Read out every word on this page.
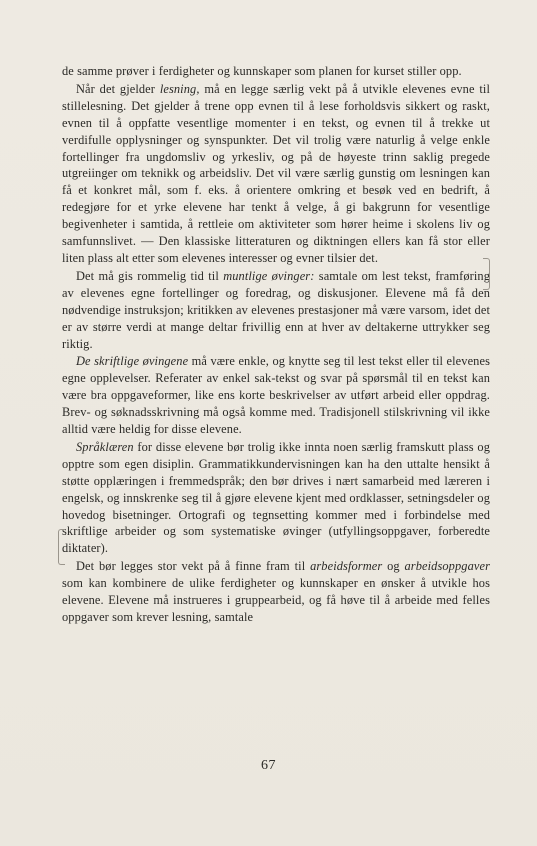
de samme prøver i ferdigheter og kunnskaper som planen for kurset stiller opp.

Når det gjelder lesning, må en legge særlig vekt på å utvikle elevenes evne til stillelesning. Det gjelder å trene opp evnen til å lese forholdsvis sikkert og raskt, evnen til å oppfatte vesentlige momenter i en tekst, og evnen til å trekke ut verdifulle opplysninger og synspunkter. Det vil trolig være naturlig å velge enkle fortellinger fra ungdomsliv og yrkesliv, og på de høyeste trinn saklig pregede utgreiinger om teknikk og arbeidsliv. Det vil være særlig gunstig om lesningen kan få et konkret mål, som f. eks. å orientere omkring et besøk ved en bedrift, å redegjøre for et yrke elevene har tenkt å velge, å gi bakgrunn for vesentlige begivenheter i samtida, å rettleie om aktiviteter som hører heime i skolens liv og samfunnslivet. — Den klassiske litteraturen og diktningen ellers kan få stor eller liten plass alt etter som elevenes interesser og evner tilsier det.

Det må gis rommelig tid til muntlige øvinger: samtale om lest tekst, framføring av elevenes egne fortellinger og foredrag, og diskusjoner. Elevene må få den nødvendige instruksjon; kritikken av elevenes prestasjoner må være varsom, idet det er av større verdi at mange deltar frivillig enn at hver av deltakerne uttrykker seg riktig.

De skriftlige øvingene må være enkle, og knytte seg til lest tekst eller til elevenes egne opplevelser. Referater av enkel sak-tekst og svar på spørsmål til en tekst kan være bra oppgaveformer, like ens korte beskrivelser av utført arbeid eller oppdrag. Brev- og søknadsskrivning må også komme med. Tradisjonell stilskrivning vil ikke alltid være heldig for disse elevene.

Språklæren for disse elevene bør trolig ikke innta noen særlig framskutt plass og opptre som egen disiplin. Grammatikkundervisningen kan ha den uttalte hensikt å støtte opplæringen i fremmedspråk; den bør drives i nært samarbeid med læreren i engelsk, og innskrenke seg til å gjøre elevene kjent med ordklasser, setningsdeler og hovedog bisetninger. Ortografi og tegnsetting kommer med i forbindelse med skriftlige arbeider og som systematiske øvinger (utfyllingsoppgaver, forberedte diktater).

Det bør legges stor vekt på å finne fram til arbeidsformer og arbeidsoppgaver som kan kombinere de ulike ferdigheter og kunnskaper en ønsker å utvikle hos elevene. Elevene må instrueres i gruppearbeid, og få høve til å arbeide med felles oppgaver som krever lesning, samtale

67
